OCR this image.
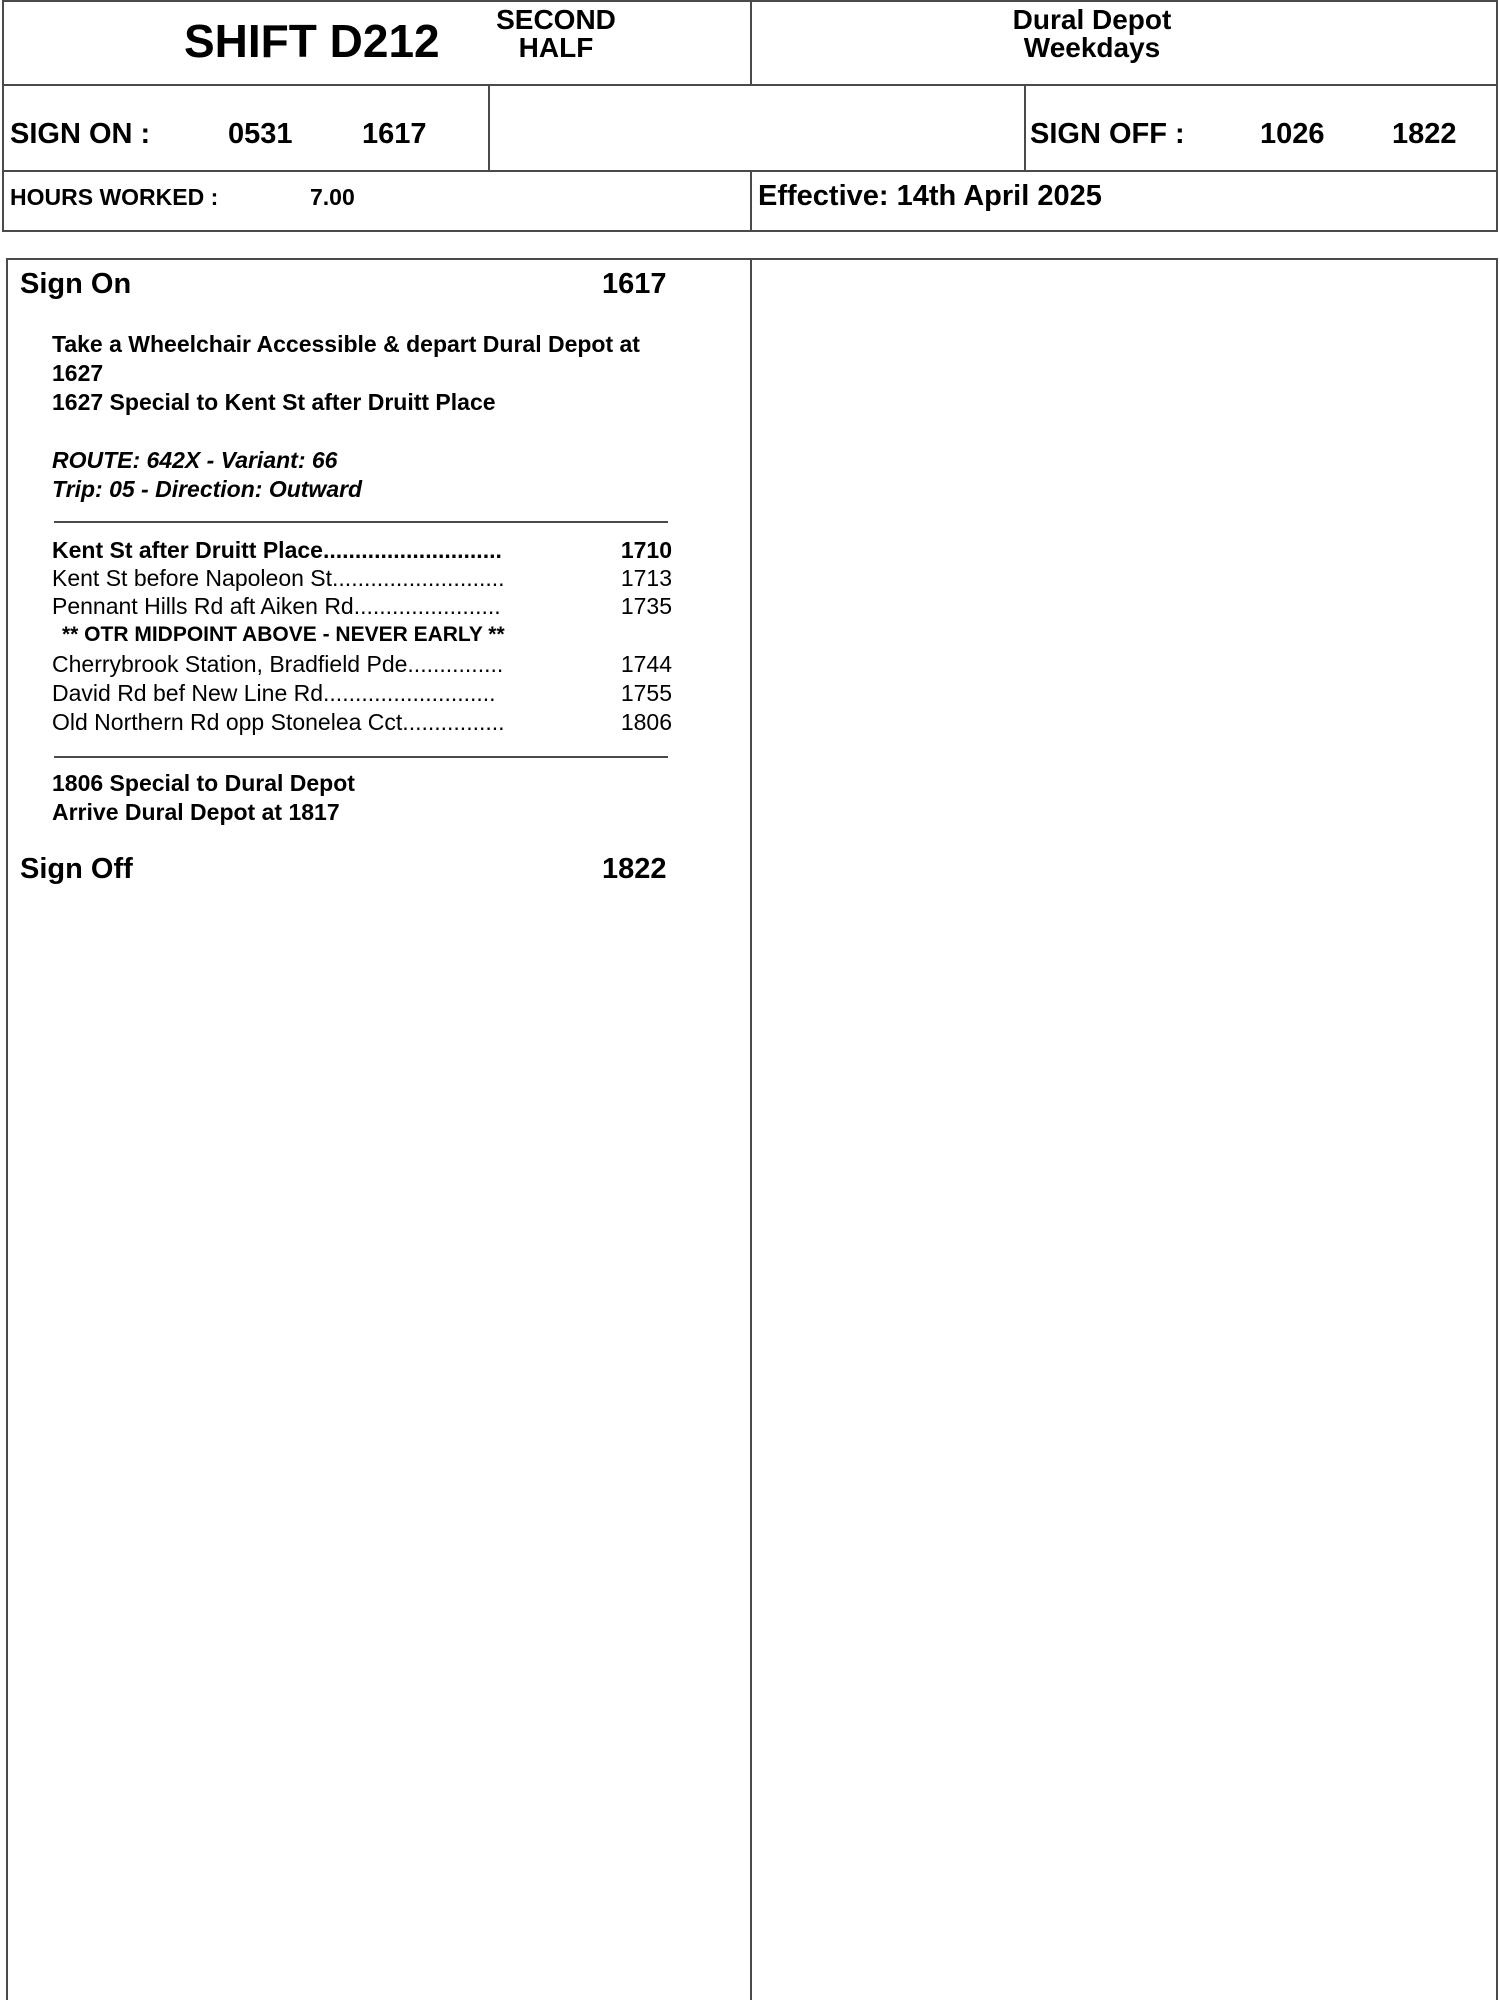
SHIFT D212 SECOND
HALF
Dural Depot
Weekdays
SIGN ON :	0531 1617	SIGN OFF :	1026 1822
HOURS WORKED :	7.00	Effective: 14th April 2025
Sign On	1617
Take a Wheelchair Accessible & depart Dural Depot at
1627
1627 Special to Kent St after Druitt Place
ROUTE: 642X - Variant: 66
Trip: 05 - Direction: Outward
Kent St after Druitt Place............................	1710
Kent St before Napoleon St...........................	1713
Pennant Hills Rd aft Aiken Rd.......................	1735
** OTR MIDPOINT ABOVE - NEVER EARLY **
Cherrybrook Station, Bradfield Pde...............	1744
David Rd bef New Line Rd...........................	1755
Old Northern Rd opp Stonelea Cct................	1806
1806 Special to Dural Depot
Arrive Dural Depot at 1817
Sign Off	1822
